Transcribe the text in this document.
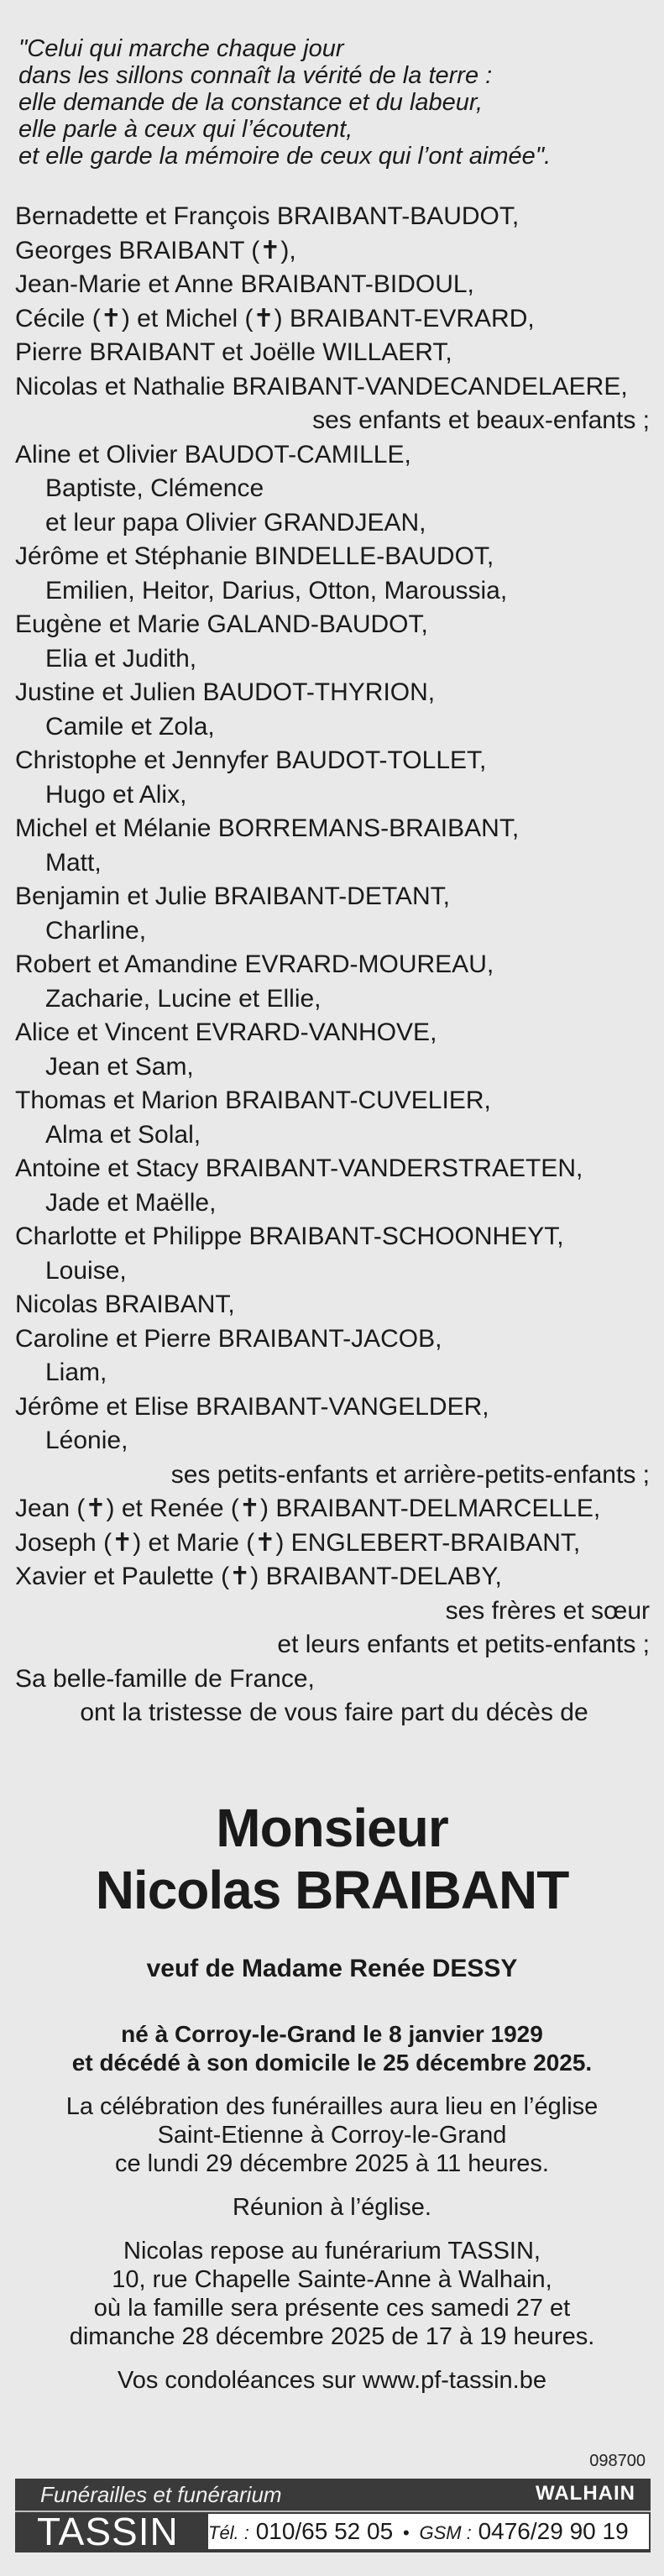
"Celui qui marche chaque jour
dans les sillons connaît la vérité de la terre :
elle demande de la constance et du labeur,
elle parle à ceux qui l’écoutent,
et elle garde la mémoire de ceux qui l’ont aimée".
Bernadette et François BRAIBANT-BAUDOT,
Georges BRAIBANT (✝),
Jean-Marie et Anne BRAIBANT-BIDOUL,
Cécile (✝) et Michel (✝) BRAIBANT-EVRARD,
Pierre BRAIBANT et Joëlle WILLAERT,
Nicolas et Nathalie BRAIBANT-VANDECANDELAERE,
ses enfants et beaux-enfants ;
Aline et Olivier BAUDOT-CAMILLE,
Baptiste, Clémence
et leur papa Olivier GRANDJEAN,
Jérôme et Stéphanie BINDELLE-BAUDOT,
Emilien, Heitor, Darius, Otton, Maroussia,
Eugène et Marie GALAND-BAUDOT,
Elia et Judith,
Justine et Julien BAUDOT-THYRION,
Camile et Zola,
Christophe et Jennyfer BAUDOT-TOLLET,
Hugo et Alix,
Michel et Mélanie BORREMANS-BRAIBANT,
Matt,
Benjamin et Julie BRAIBANT-DETANT,
Charline,
Robert et Amandine EVRARD-MOUREAU,
Zacharie, Lucine et Ellie,
Alice et Vincent EVRARD-VANHOVE,
Jean et Sam,
Thomas et Marion BRAIBANT-CUVELIER,
Alma et Solal,
Antoine et Stacy BRAIBANT-VANDERSTRAETEN,
Jade et Maëlle,
Charlotte et Philippe BRAIBANT-SCHOONHEYT,
Louise,
Nicolas BRAIBANT,
Caroline et Pierre BRAIBANT-JACOB,
Liam,
Jérôme et Elise BRAIBANT-VANGELDER,
Léonie,
ses petits-enfants et arrière-petits-enfants ;
Jean (✝) et Renée (✝) BRAIBANT-DELMARCELLE,
Joseph (✝) et Marie (✝) ENGLEBERT-BRAIBANT,
Xavier et Paulette (✝) BRAIBANT-DELABY,
ses frères et sœur
et leurs enfants et petits-enfants ;
Sa belle-famille de France,
ont la tristesse de vous faire part du décès de
Monsieur
Nicolas BRAIBANT
veuf de Madame Renée DESSY
né à Corroy-le-Grand le 8 janvier 1929
et décédé à son domicile le 25 décembre 2025.
La célébration des funérailles aura lieu en l’église
Saint-Etienne à Corroy-le-Grand
ce lundi 29 décembre 2025 à 11 heures.
Réunion à l’église.
Nicolas repose au funérarium TASSIN,
10, rue Chapelle Sainte-Anne à Walhain,
où la famille sera présente ces samedi 27 et
dimanche 28 décembre 2025 de 17 à 19 heures.
Vos condoléances sur www.pf-tassin.be
098700
Funérailles et funérarium	WALHAIN
TASSIN Tél. : 010/65 52 05 • GSM : 0476/29 90 19
